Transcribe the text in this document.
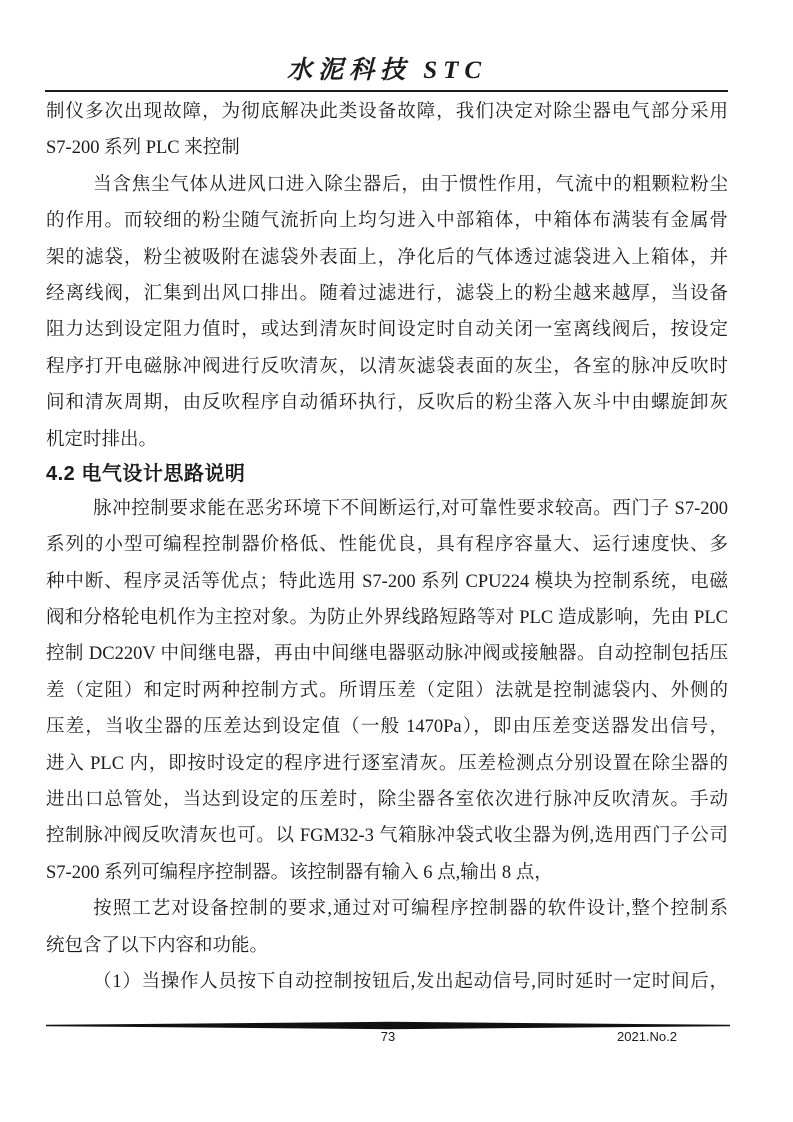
水泥科技 STC
制仪多次出现故障，为彻底解决此类设备故障，我们决定对除尘器电气部分采用
S7-200 系列 PLC 来控制
当含焦尘气体从进风口进入除尘器后，由于惯性作用，气流中的粗颗粒粉尘
的作用。而较细的粉尘随气流折向上均匀进入中部箱体，中箱体布满装有金属骨
架的滤袋，粉尘被吸附在滤袋外表面上，净化后的气体透过滤袋进入上箱体，并
经离线阀，汇集到出风口排出。随着过滤进行，滤袋上的粉尘越来越厚，当设备
阻力达到设定阻力值时，或达到清灰时间设定时自动关闭一室离线阀后，按设定
程序打开电磁脉冲阀进行反吹清灰，以清灰滤袋表面的灰尘，各室的脉冲反吹时
间和清灰周期，由反吹程序自动循环执行，反吹后的粉尘落入灰斗中由螺旋卸灰
机定时排出。
4.2 电气设计思路说明
脉冲控制要求能在恶劣环境下不间断运行,对可靠性要求较高。西门子 S7-200
系列的小型可编程控制器价格低、性能优良，具有程序容量大、运行速度快、多
种中断、程序灵活等优点；特此选用 S7-200 系列 CPU224 模块为控制系统，电磁
阀和分格轮电机作为主控对象。为防止外界线路短路等对 PLC 造成影响，先由 PLC
控制 DC220V 中间继电器，再由中间继电器驱动脉冲阀或接触器。自动控制包括压
差（定阻）和定时两种控制方式。所谓压差（定阻）法就是控制滤袋内、外侧的
压差，当收尘器的压差达到设定值（一般 1470Pa），即由压差变送器发出信号，
进入 PLC 内，即按时设定的程序进行逐室清灰。压差检测点分别设置在除尘器的
进出口总管处，当达到设定的压差时，除尘器各室依次进行脉冲反吹清灰。手动
控制脉冲阀反吹清灰也可。以 FGM32-3 气箱脉冲袋式收尘器为例,选用西门子公司
S7-200 系列可编程序控制器。该控制器有输入 6 点,输出 8 点，
按照工艺对设备控制的要求,通过对可编程序控制器的软件设计,整个控制系
统包含了以下内容和功能。
（1）当操作人员按下自动控制按钮后,发出起动信号,同时延时一定时间后，
73	2021.No.2
